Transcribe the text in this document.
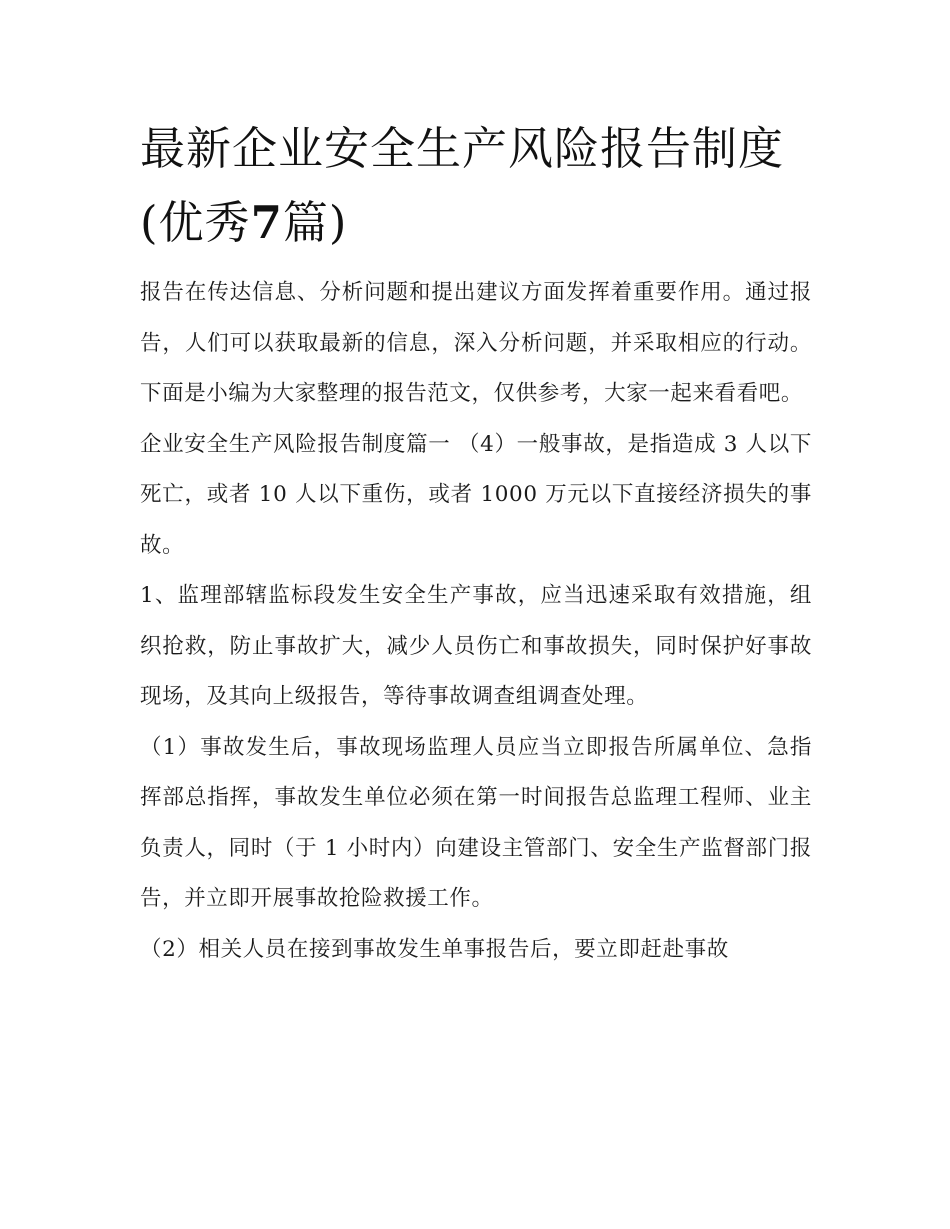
最新企业安全生产风险报告制度
(优秀7篇)

报告在传达信息、分析问题和提出建议方面发挥着重要作用。通过报告，人们可以获取最新的信息，深入分析问题，并采取相应的行动。下面是小编为大家整理的报告范文，仅供参考，大家一起来看看吧。

企业安全生产风险报告制度篇一 （4）一般事故，是指造成 3 人以下死亡，或者 10 人以下重伤，或者 1000 万元以下直接经济损失的事故。

1、监理部辖监标段发生安全生产事故，应当迅速采取有效措施，组织抢救，防止事故扩大，减少人员伤亡和事故损失，同时保护好事故现场，及其向上级报告，等待事故调查组调查处理。

（1）事故发生后，事故现场监理人员应当立即报告所属单位、急指挥部总指挥，事故发生单位必须在第一时间报告总监理工程师、业主负责人，同时（于 1 小时内）向建设主管部门、安全生产监督部门报告，并立即开展事故抢险救援工作。

（2）相关人员在接到事故发生单事报告后，要立即赶赴事故
